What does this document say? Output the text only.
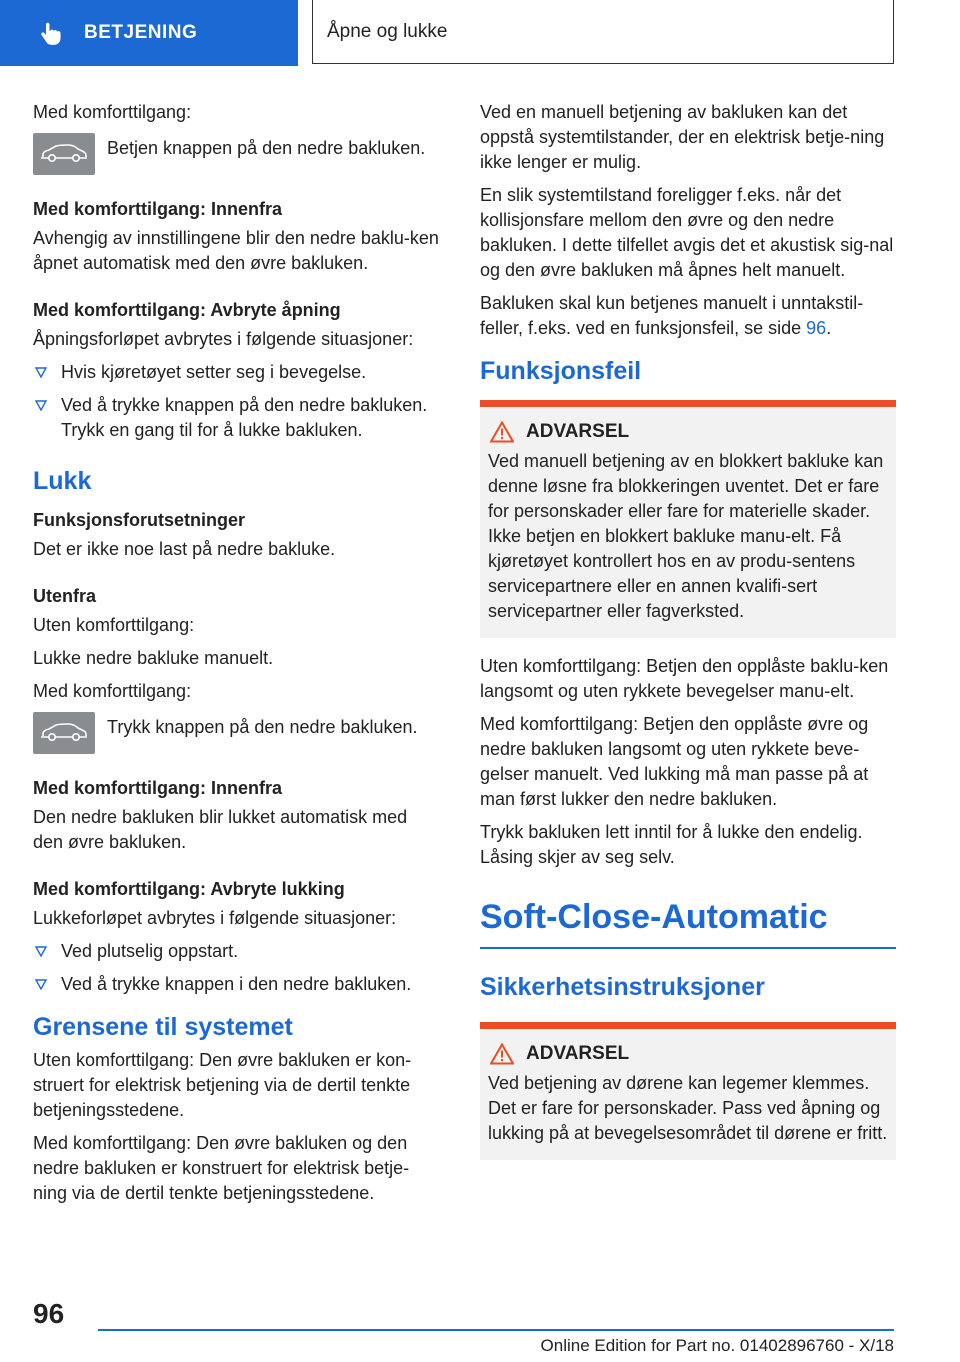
BETJENING	Åpne og lukke

Med komforttilgang:

Betjen knappen på den nedre bakluken.

Med komforttilgang: Innenfra

Avhengig av innstillingene blir den nedre baklu-ken åpnet automatisk med den øvre bakluken.

Med komforttilgang: Avbryte åpning

Åpningsforløpet avbrytes i følgende situasjoner:

Hvis kjøretøyet setter seg i bevegelse.
Ved å trykke knappen på den nedre bakluken. Trykk en gang til for å lukke bakluken.
Lukk
Funksjonsforutsetninger

Det er ikke noe last på nedre bakluke.

Utenfra

Uten komforttilgang:

Lukke nedre bakluke manuelt.

Med komforttilgang:

Trykk knappen på den nedre bakluken.

Med komforttilgang: Innenfra

Den nedre bakluken blir lukket automatisk med den øvre bakluken.

Med komforttilgang: Avbryte lukking

Lukkeforløpet avbrytes i følgende situasjoner:

Ved plutselig oppstart.
Ved å trykke knappen i den nedre bakluken.
Grensene til systemet

Uten komforttilgang: Den øvre bakluken er kon-struert for elektrisk betjening via de dertil tenkte betjeningsstedene.

Med komforttilgang: Den øvre bakluken og den nedre bakluken er konstruert for elektrisk betje-ning via de dertil tenkte betjeningsstedene.

Ved en manuell betjening av bakluken kan det oppstå systemtilstander, der en elektrisk betje-ning ikke lenger er mulig.

En slik systemtilstand foreligger f.eks. når det kollisjonsfare mellom den øvre og den nedre bakluken. I dette tilfellet avgis det et akustisk sig-nal og den øvre bakluken må åpnes helt manuelt.

Bakluken skal kun betjenes manuelt i unntakstil-feller, f.eks. ved en funksjonsfeil, se side 96.

Funksjonsfeil
ADVARSEL

Ved manuell betjening av en blokkert bakluke kan denne løsne fra blokkeringen uventet. Det er fare for personskader eller fare for materielle skader. Ikke betjen en blokkert bakluke manu-elt. Få kjøretøyet kontrollert hos en av produ-sentens servicepartnere eller en annen kvalifi-sert servicepartner eller fagverksted.

Uten komforttilgang: Betjen den opplåste baklu-ken langsomt og uten rykkete bevegelser manu-elt.

Med komforttilgang: Betjen den opplåste øvre og nedre bakluken langsomt og uten rykkete beve-gelser manuelt. Ved lukking må man passe på at man først lukker den nedre bakluken.

Trykk bakluken lett inntil for å lukke den endelig. Låsing skjer av seg selv.

Soft-Close-Automatic
Sikkerhetsinstruksjoner
ADVARSEL

Ved betjening av dørene kan legemer klemmes. Det er fare for personskader. Pass ved åpning og lukking på at bevegelsesområdet til dørene er fritt.

96
Online Edition for Part no. 01402896760 - X/18
